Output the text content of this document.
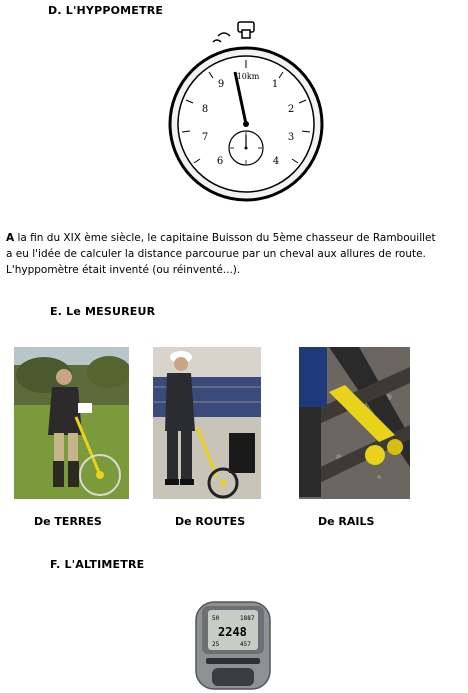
D. L'HYPPOMETRE
10km
1
2
3
4
6
7
8
9

A la fin du XIX ème siècle, le capitaine Buisson du 5ème chasseur de Rambouillet

a eu l'idée de calculer la distance parcourue par un cheval aux allures de route.

L'hyppomètre était inventé (ou réinventé...).

E. Le MESUREUR
De TERRES	De ROUTES	De RAILS
F. L'ALTIMETRE
50	1887
2248
25	457
